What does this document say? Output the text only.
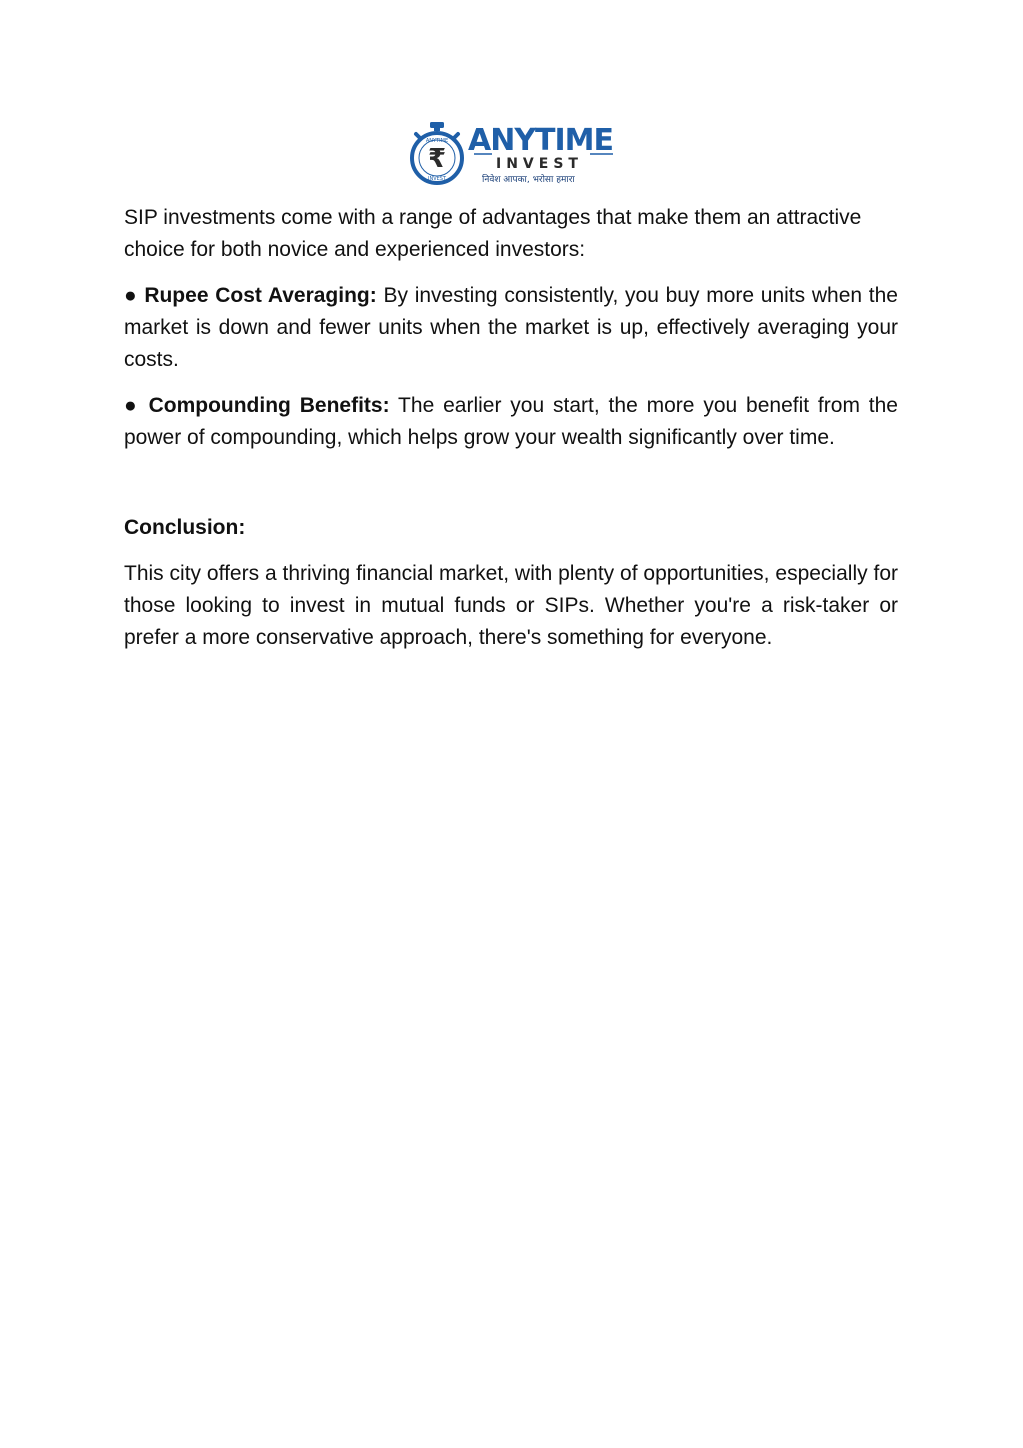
₹
ANYTIME
INVEST
ANYTIME
INVEST
निवेश आपका, भरोसा हमारा

SIP investments come with a range of advantages that make them an attractive choice for both novice and experienced investors:

● Rupee Cost Averaging: By investing consistently, you buy more units when the market is down and fewer units when the market is up, effectively averaging your costs.

● Compounding Benefits: The earlier you start, the more you benefit from the power of compounding, which helps grow your wealth significantly over time.

Conclusion:

This city offers a thriving financial market, with plenty of opportunities, especially for those looking to invest in mutual funds or SIPs. Whether you're a risk-taker or prefer a more conservative approach, there's something for everyone.
